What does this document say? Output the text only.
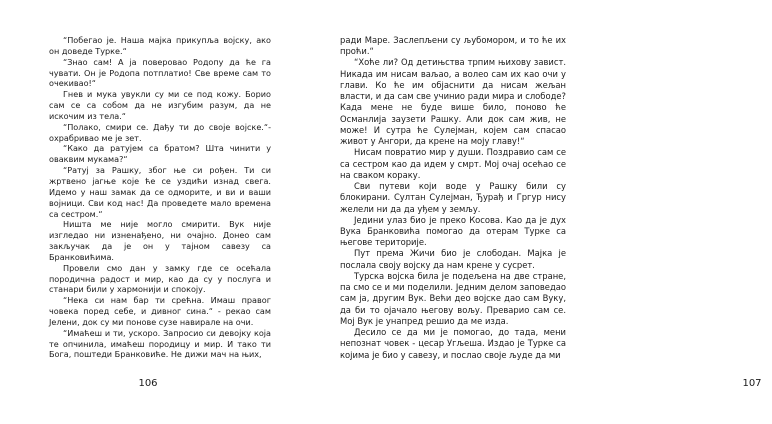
“Побегао је. Наша мајка прикупља војску, ако он доведе Турке.“

“Знао сам! А ја поверовао Родопу да ће га чувати. Он је Родопа потплатио! Све време сам то очекивао!“

Гнев и мука увукли су ми се под кожу. Борио сам се са собом да не изгубим разум, да не искочим из тела.“

“Полако, смири се. Дађу ти до своје војске.“- охрабривао ме је зет.

“Како да ратујем са братом? Шта чинити у оваквим мукама?“

“Ратуј за Рашку, због ње си рођен. Ти си жртвено јагње које ће се уздићи изнад свега. Идемо у наш замак да се одморите, и ви и ваши војници. Сви код нас! Да проведете мало времена са сестром.“

Ништа ме није могло смирити. Вук није изгледао ни изненађено, ни очајно. Донео сам закључак да је он у тајном савезу са Бранковићима.

Провели смо дан у замку где се осећала породична радост и мир, као да су у послуга и станари били у хармонији и спокоју.

“Нека си нам бар ти срећна. Имаш правог човека поред себе, и дивног сина.“ - рекао сам Јелени, док су ми понове сузе навирале на очи.

“Имаћеш и ти, ускоро. Запросио си девојку која те опчинила, имаћеш породицу и мир. И тако ти Бога, поштеди Бранковиће. Не дижи мач на њих,

106	107

ради Маре. Заслепљени су љубомором, и то ће их проћи.“

“Хоће ли? Од детињства трпим њихову завист. Никада им нисам ваљао, а волео сам их као очи у глави. Ко ће им објаснити да нисам жељан власти, и да сам све учинио ради мира и слободе? Када мене не буде више било, поново ће Османлија заузети Рашку. Али док сам жив, не може! И сутра ће Сулејман, којем сам спасао живот у Ангори, да крене на моју главу!“

Нисам повратио мир у души. Поздравио сам се са сестром као да идем у смрт. Мој очај осећао се на сваком кораку.

Сви путеви који воде у Рашку били су блокирани. Султан Сулејман, Ђурађ и Гргур нису желели ни да да уђем у земљу.

Једини улаз био је преко Косова. Као да је дух Вука Бранковића помогао да отерам Турке са његове територије.

Пут према Жичи био је слободан. Мајка је послала своју војску да нам крене у сусрет.

Турска војска била је подељена на две стране, па смо се и ми поделили. Једним делом заповедао сам ја, другим Вук. Већи део војске дао сам Вуку, да би то ојачало његову вољу. Преварио сам се. Мој Вук је унапред решио да ме изда.

Десило се да ми је помогао, до тада, мени непознат човек - цесар Угљеша. Издао је Турке са којима је био у савезу, и послао своје људе да ми
